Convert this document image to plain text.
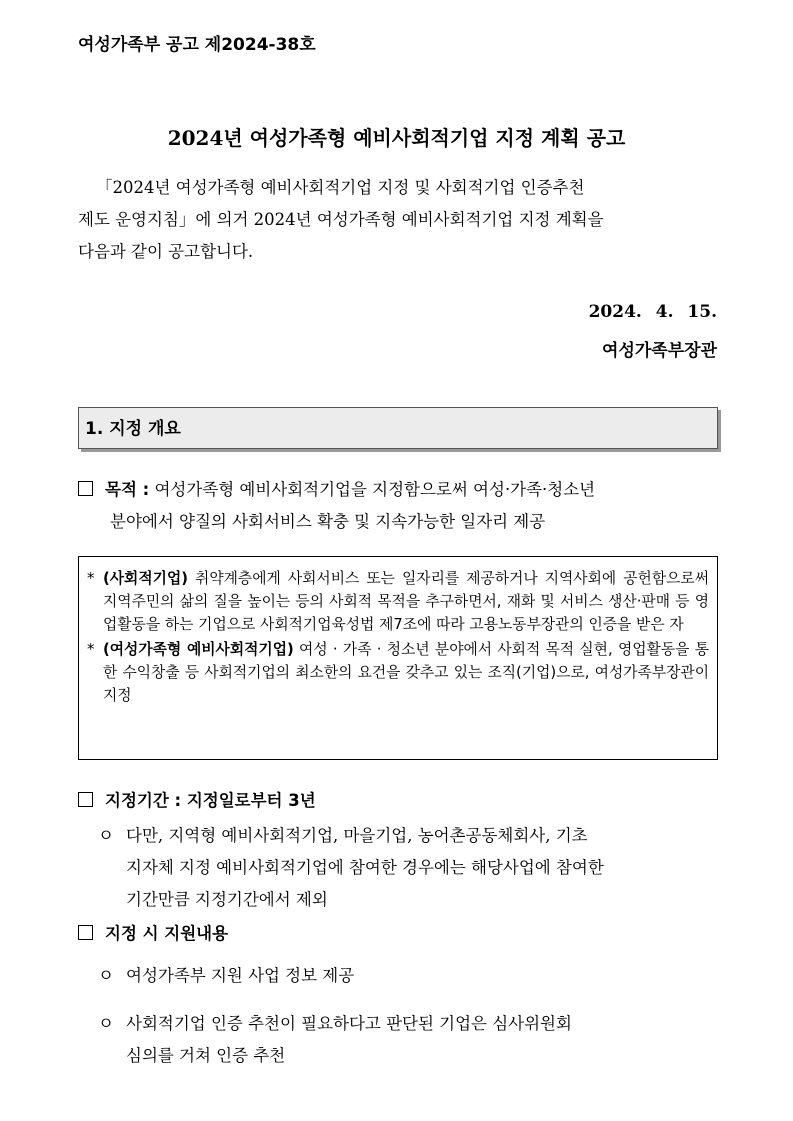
여성가족부 공고 제2024-38호
2024년 여성가족형 예비사회적기업 지정 계획 공고
「2024년 여성가족형 예비사회적기업 지정 및 사회적기업 인증추천
제도 운영지침」에 의거 2024년 여성가족형 예비사회적기업 지정 계획을
다음과 같이 공고합니다.
2024. 4. 15.
여성가족부장관
1. 지정 개요
목적 : 여성가족형 예비사회적기업을 지정함으로써 여성·가족·청소년
분야에서 양질의 사회서비스 확충 및 지속가능한 일자리 제공
* (사회적기업) 취약계층에게 사회서비스 또는 일자리를 제공하거나 지역사회에 공헌함으로써 지역주민의 삶의 질을 높이는 등의 사회적 목적을 추구하면서, 재화 및 서비스 생산·판매 등 영업활동을 하는 기업으로 사회적기업육성법 제7조에 따라 고용노동부장관의 인증을 받은 자
* (여성가족형 예비사회적기업) 여성 · 가족 · 청소년 분야에서 사회적 목적 실현, 영업활동을 통한 수익창출 등 사회적기업의 최소한의 요건을 갖추고 있는 조직(기업)으로, 여성가족부장관이 지정
지정기간 : 지정일로부터 3년
ㅇ 다만, 지역형 예비사회적기업, 마을기업, 농어촌공동체회사, 기초
지자체 지정 예비사회적기업에 참여한 경우에는 해당사업에 참여한
기간만큼 지정기간에서 제외
지정 시 지원내용
ㅇ 여성가족부 지원 사업 정보 제공
ㅇ 사회적기업 인증 추천이 필요하다고 판단된 기업은 심사위원회
심의를 거쳐 인증 추천
